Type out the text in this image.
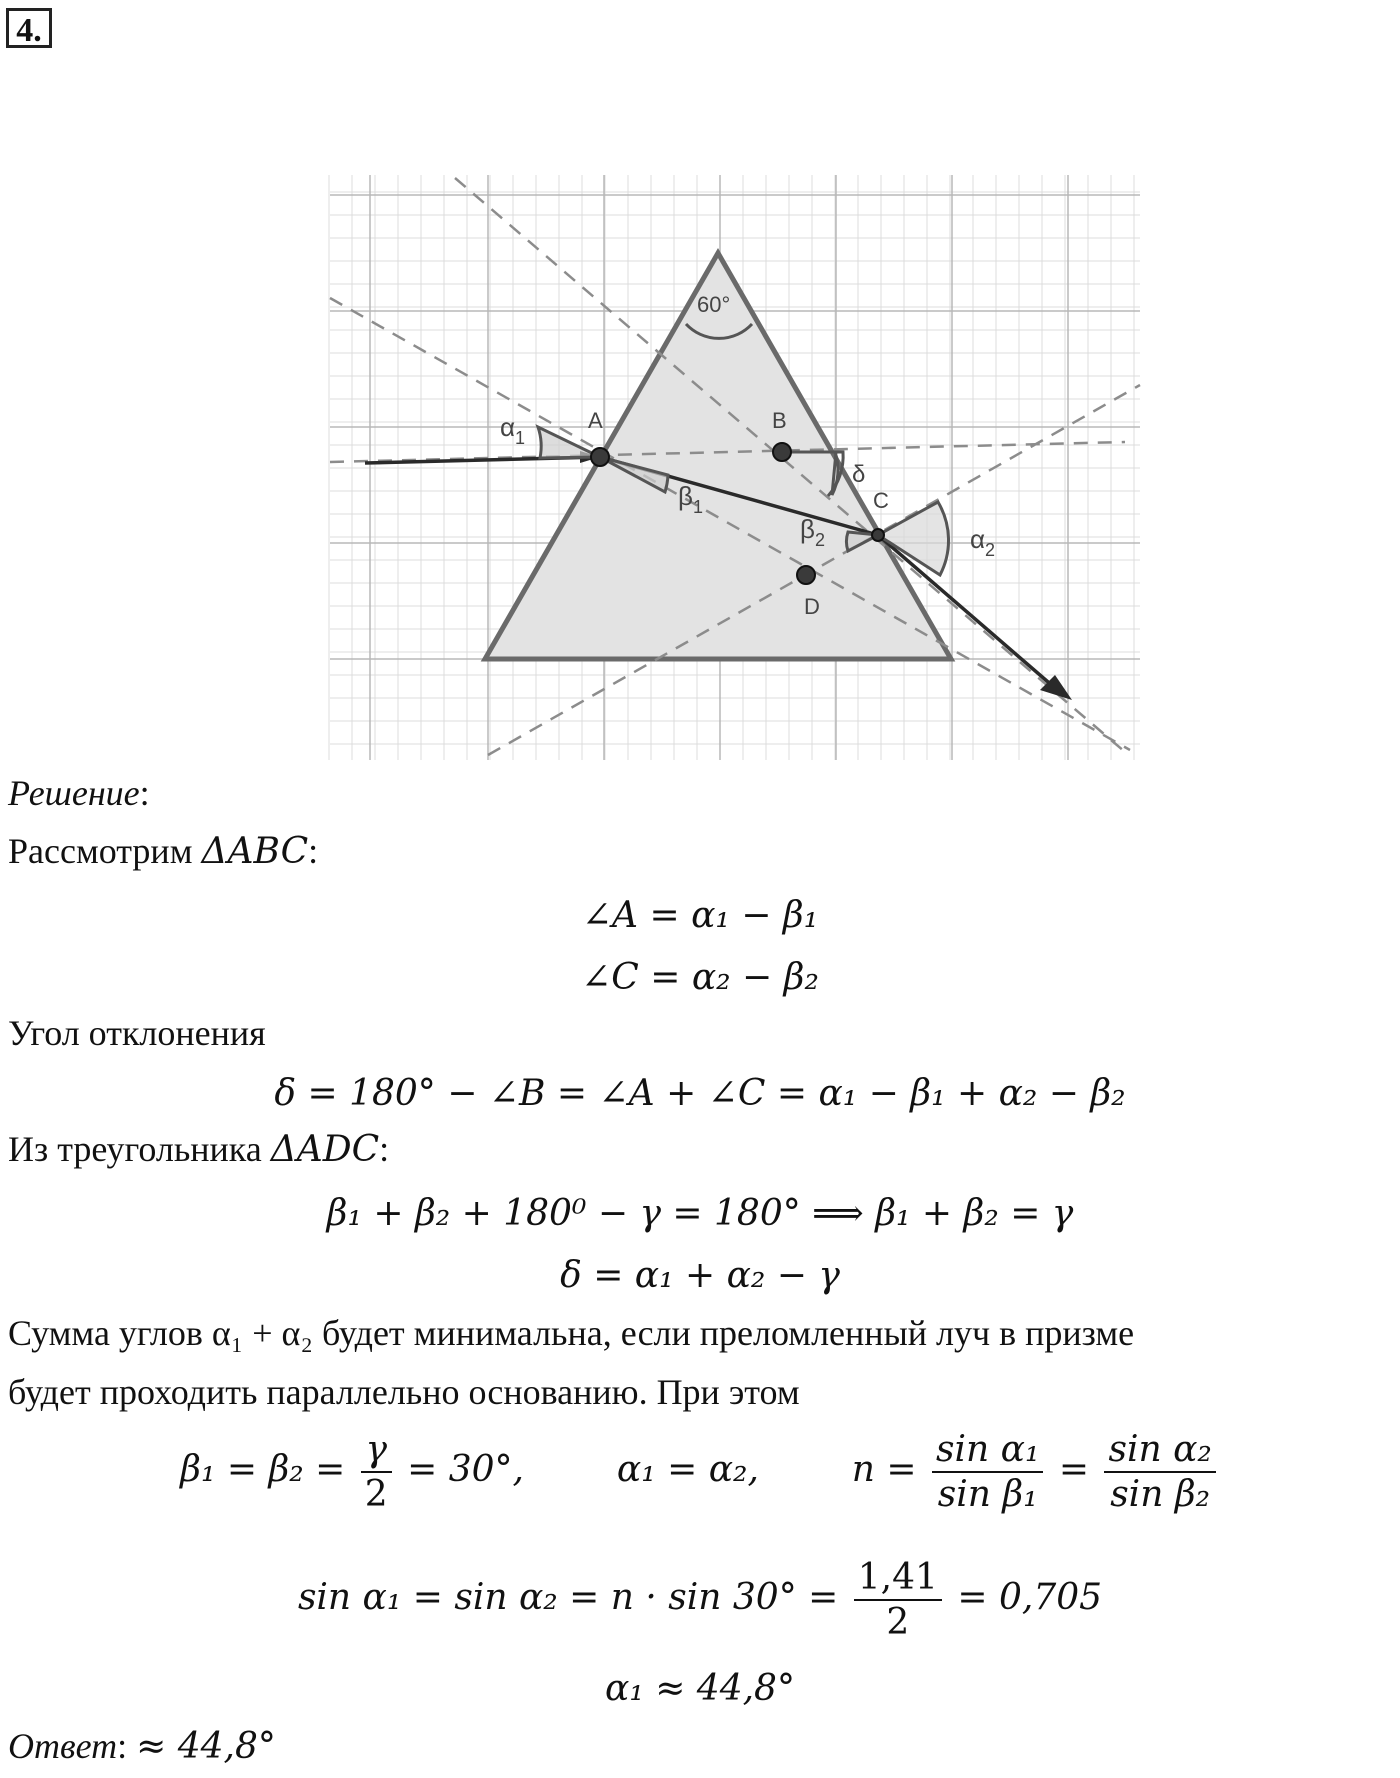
4.
60°
A	B
C
D
$\alpha_1$
$\beta_1$
δ
$\beta_2$	$\alpha_2$
Решение:
Рассмотрим ΔABC:
∠A = α₁ − β₁
∠C = α₂ − β₂
Угол отклонения
δ = 180° − ∠B = ∠A + ∠C = α₁ − β₁ + α₂ − β₂
Из треугольника ΔADC:
β₁ + β₂ + 180⁰ − γ = 180° ⟹ β₁ + β₂ = γ
δ = α₁ + α₂ − γ
Сумма углов α₁ + α₂ будет минимальна, если преломленный луч в призме
будет проходить параллельно основанию. При этом
$\beta_1 = \beta_2 = \frac{\gamma}{2} = 30^\circ$,	α₁ = α₂,	$n = \frac{\text{sin α₁}}{\text{sin β₁}} = \frac{\text{sin α₂}}{\text{sin β₂}}$
$\sin \alpha_1 = \sin \alpha_2 = n \cdot \sin 30^\circ = \frac{1,41}{2} = 0,705$
α₁ ≈ 44,8°
Ответ: ≈ 44,8°
